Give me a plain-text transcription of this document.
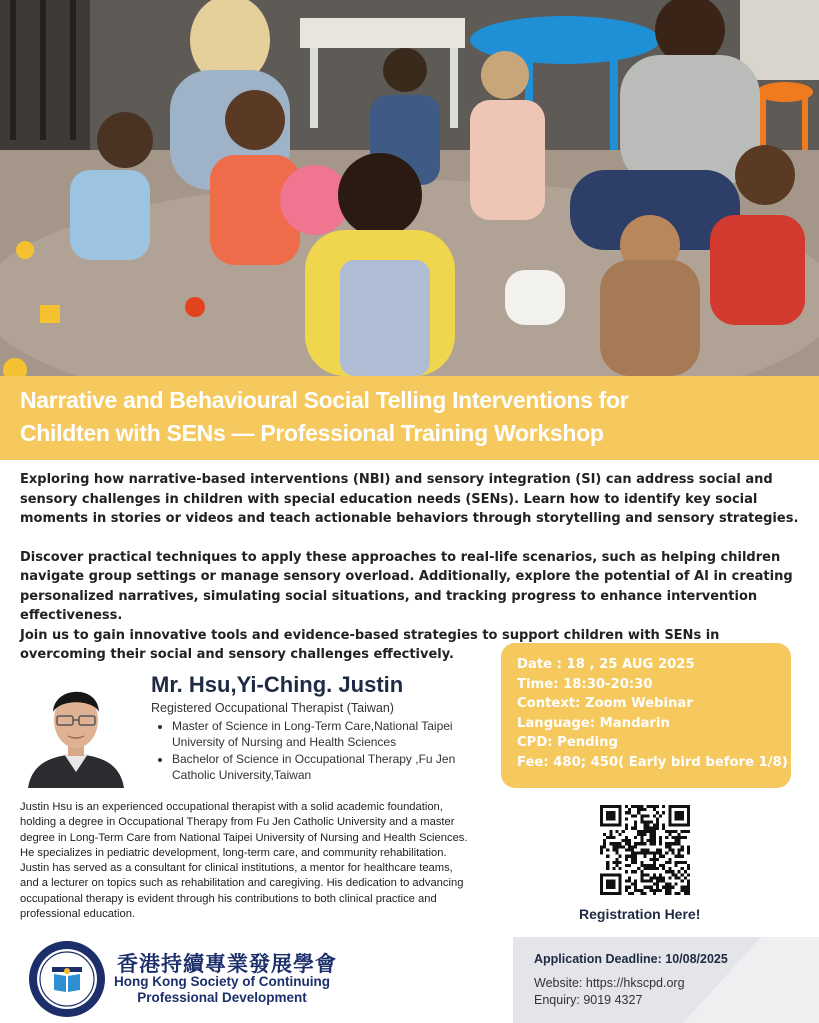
Narrative and Behavioural Social Telling Interventions for
Childten with SENs — Professional Training Workshop

Exploring how narrative-based interventions (NBI) and sensory integration (SI) can address social and sensory challenges in children with special education needs (SENs). Learn how to identify key social moments in stories or videos and teach actionable behaviors through storytelling and sensory strategies.

Discover practical techniques to apply these approaches to real-life scenarios, such as helping children navigate group settings or manage sensory overload. Additionally, explore the potential of AI in creating personalized narratives, simulating social situations, and tracking progress to enhance intervention effectiveness.

Join us to gain innovative tools and evidence-based strategies to support children with SENs in overcoming their social and sensory challenges effectively.

Mr. Hsu,Yi-Ching. Justin
Registered Occupational Therapist (Taiwan)
• Master of Science in Long-Term Care,National Taipei University of Nursing and Health Sciences
• Bachelor of Science in Occupational Therapy ,Fu Jen Catholic University,Taiwan
Date : 18 , 25 AUG 2025
Time: 18:30-20:30
Context: Zoom Webinar
Language: Mandarin
CPD: Pending
Fee: 480; 450( Early bird before 1/8)
Justin Hsu is an experienced occupational therapist with a solid academic foundation,
holding a degree in Occupational Therapy from Fu Jen Catholic University and a master
degree in Long-Term Care from National Taipei University of Nursing and Health Sciences.
He specializes in pediatric development, long-term care, and community rehabilitation.
Justin has served as a consultant for clinical institutions, a mentor for healthcare teams,
and a lecturer on topics such as rehabilitation and caregiving. His dedication to advancing
occupational therapy is evident through his contributions to both clinical practice and
professional education.	Registration Here!
Application Deadline: 10/08/2025
Website: https://hkscpd.org
Enquiry: 9019 4327
香港持續專業發展學會
Hong Kong Society of Continuing
Professional Development
